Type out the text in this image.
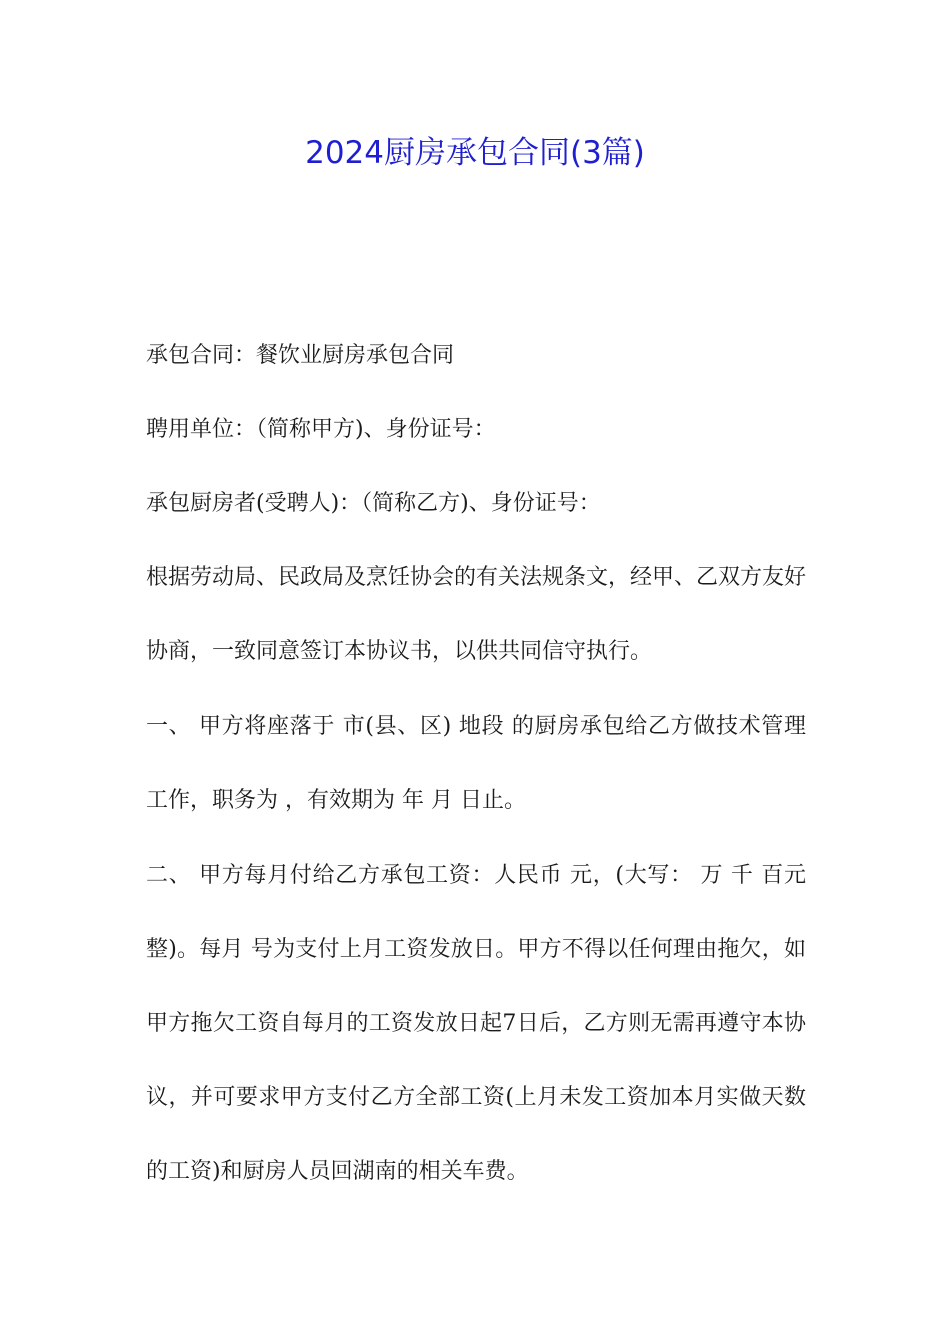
2024厨房承包合同(3篇)

承包合同：餐饮业厨房承包合同

聘用单位：（简称甲方)、身份证号：

承包厨房者(受聘人)：（简称乙方)、身份证号：

根据劳动局、民政局及烹饪协会的有关法规条文，经甲、乙双方友好协商，一致同意签订本协议书，以供共同信守执行。

一、 甲方将座落于 市(县、区) 地段 的厨房承包给乙方做技术管理工作，职务为 ，有效期为 年 月 日止。

二、 甲方每月付给乙方承包工资：人民币 元，(大写： 万 千 百元整)。每月 号为支付上月工资发放日。甲方不得以任何理由拖欠，如甲方拖欠工资自每月的工资发放日起7日后，乙方则无需再遵守本协议，并可要求甲方支付乙方全部工资(上月未发工资加本月实做天数的工资)和厨房人员回湖南的相关车费。
